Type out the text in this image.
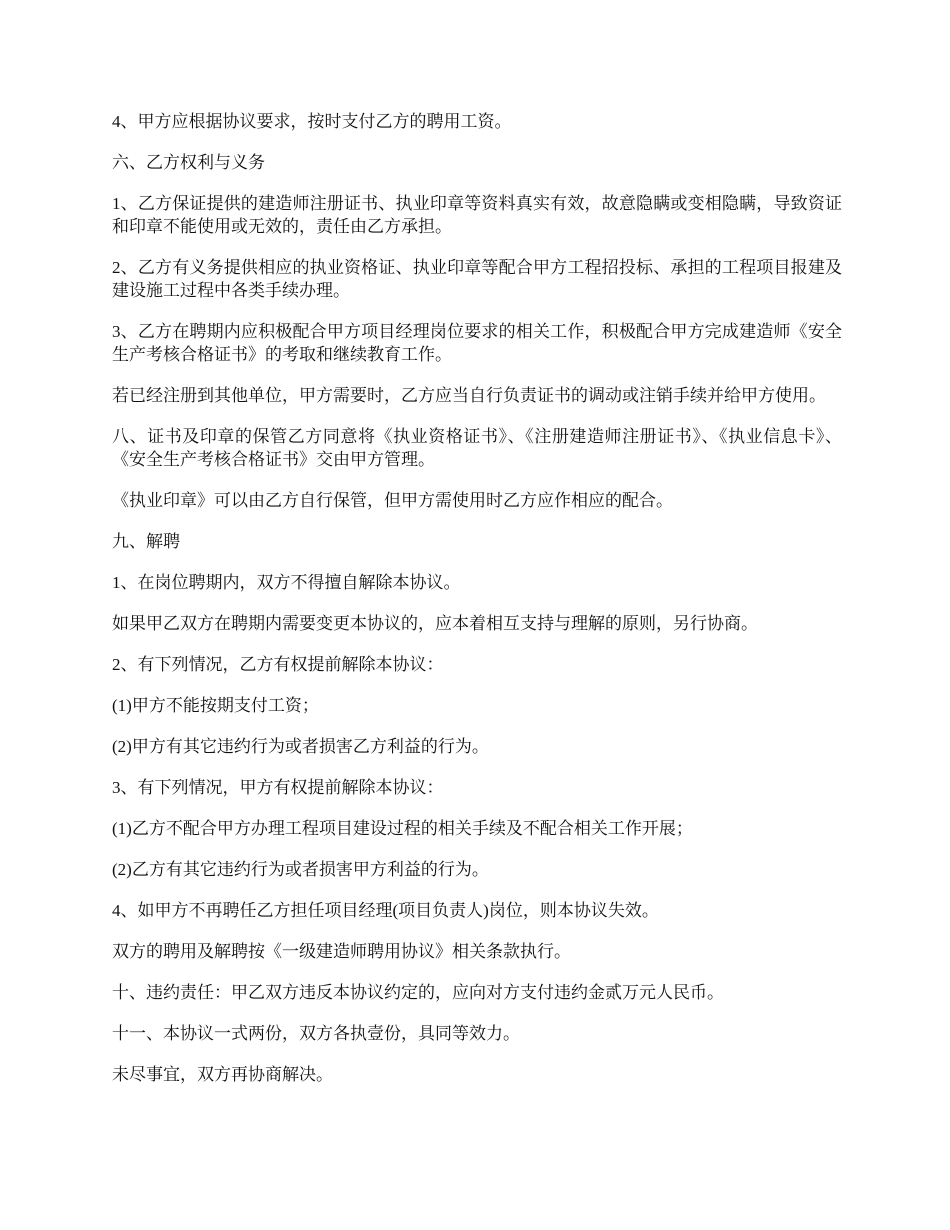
4、甲方应根据协议要求，按时支付乙方的聘用工资。

六、乙方权利与义务

1、乙方保证提供的建造师注册证书、执业印章等资料真实有效，故意隐瞒或变相隐瞒，导致资证和印章不能使用或无效的，责任由乙方承担。

2、乙方有义务提供相应的执业资格证、执业印章等配合甲方工程招投标、承担的工程项目报建及建设施工过程中各类手续办理。

3、乙方在聘期内应积极配合甲方项目经理岗位要求的相关工作，积极配合甲方完成建造师《安全生产考核合格证书》的考取和继续教育工作。

若已经注册到其他单位，甲方需要时，乙方应当自行负责证书的调动或注销手续并给甲方使用。

八、证书及印章的保管乙方同意将《执业资格证书》、《注册建造师注册证书》、《执业信息卡》、《安全生产考核合格证书》交由甲方管理。

《执业印章》可以由乙方自行保管，但甲方需使用时乙方应作相应的配合。

九、解聘

1、在岗位聘期内，双方不得擅自解除本协议。

如果甲乙双方在聘期内需要变更本协议的，应本着相互支持与理解的原则，另行协商。

2、有下列情况，乙方有权提前解除本协议：

(1)甲方不能按期支付工资；

(2)甲方有其它违约行为或者损害乙方利益的行为。

3、有下列情况，甲方有权提前解除本协议：

(1)乙方不配合甲方办理工程项目建设过程的相关手续及不配合相关工作开展；

(2)乙方有其它违约行为或者损害甲方利益的行为。

4、如甲方不再聘任乙方担任项目经理(项目负责人)岗位，则本协议失效。

双方的聘用及解聘按《一级建造师聘用协议》相关条款执行。

十、违约责任：甲乙双方违反本协议约定的，应向对方支付违约金贰万元人民币。

十一、本协议一式两份，双方各执壹份，具同等效力。

未尽事宜，双方再协商解决。
